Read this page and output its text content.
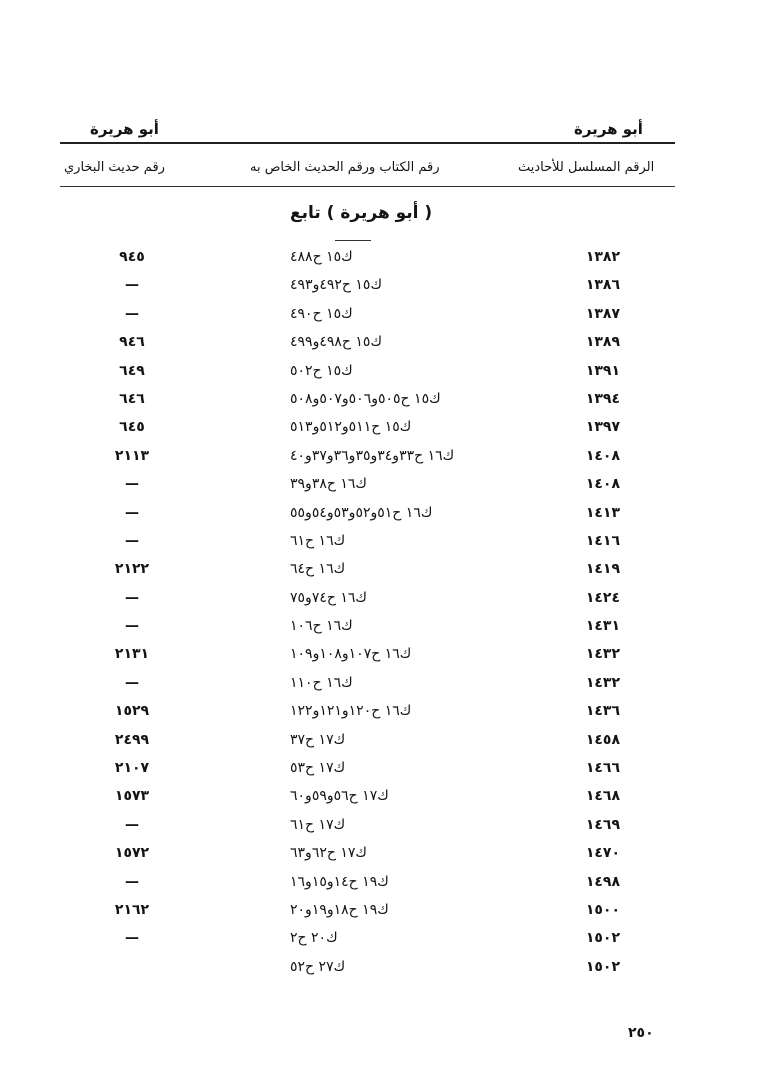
أبو هريرة	أبو هريرة
الرقم المسلسل للأحاديث
رقم الكتاب ورقم الحديث الخاص به
رقم حديث البخاري
( أبو هريرة ) تابع
١٣٨٢
ك١٥ ح٤٨٨
٩٤٥
١٣٨٦
ك١٥ ح٤٩٢و٤٩٣
—
١٣٨٧
ك١٥ ح٤٩٠
—
١٣٨٩
ك١٥ ح٤٩٨و٤٩٩
٩٤٦
١٣٩١
ك١٥ ح٥٠٢
٦٤٩
١٣٩٤
ك١٥ ح٥٠٥و٥٠٦و٥٠٧و٥٠٨
٦٤٦
١٣٩٧
ك١٥ ح٥١١و٥١٢و٥١٣
٦٤٥
١٤٠٨
ك١٦ ح٣٣و٣٤و٣٥و٣٦و٣٧و٤٠
٢١١٣
١٤٠٨
ك١٦ ح٣٨و٣٩
—
١٤١٣
ك١٦ ح٥١و٥٢و٥٣و٥٤و٥٥
—
١٤١٦
ك١٦ ح٦١
—
١٤١٩
ك١٦ ح٦٤
٢١٢٢
١٤٢٤
ك١٦ ح٧٤و٧٥
—
١٤٣١
ك١٦ ح١٠٦
—
١٤٣٢
ك١٦ ح١٠٧و١٠٨و١٠٩
٢١٣١
١٤٣٢
ك١٦ ح١١٠
—
١٤٣٦
ك١٦ ح١٢٠و١٢١و١٢٢
١٥٢٩
١٤٥٨
ك١٧ ح٣٧
٢٤٩٩
١٤٦٦
ك١٧ ح٥٣
٢١٠٧
١٤٦٨
ك١٧ ح٥٦و٥٩و٦٠
١٥٧٣
١٤٦٩
ك١٧ ح٦١
—
١٤٧٠
ك١٧ ح٦٢و٦٣
١٥٧٢
١٤٩٨
ك١٩ ح١٤و١٥و١٦
—
١٥٠٠
ك١٩ ح١٨و١٩و٢٠
٢١٦٢
١٥٠٢
ك٢٠ ح٢
—
١٥٠٢
ك٢٧ ح٥٢
٢٥٠
